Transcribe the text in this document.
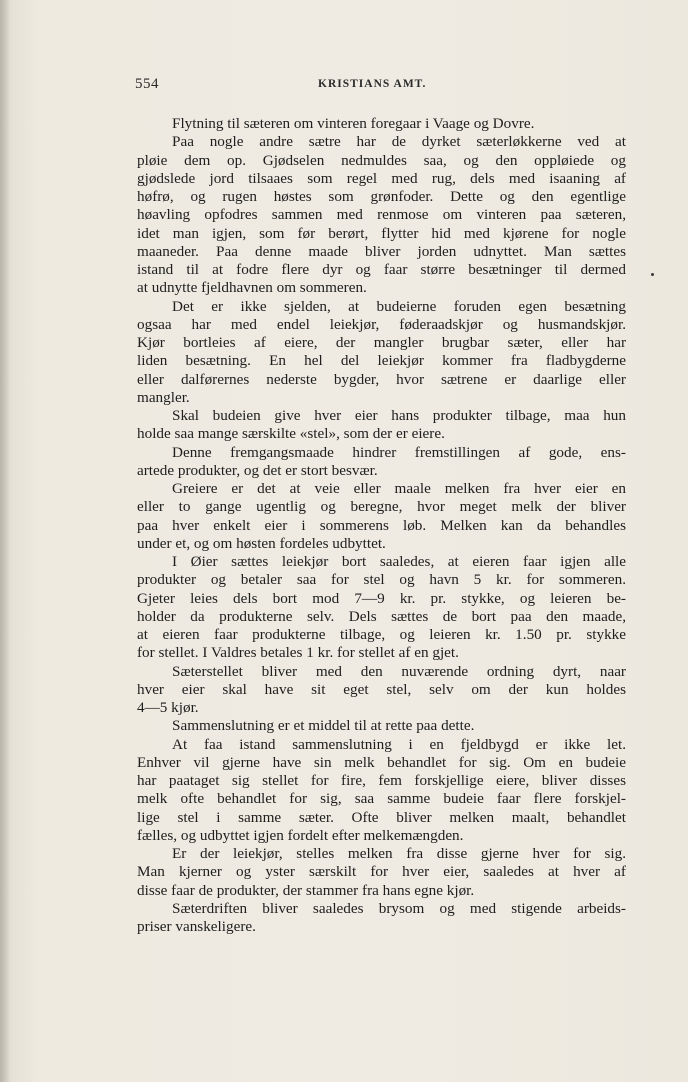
554	KRISTIANS AMT.
Flytning til sæteren om vinteren foregaar i Vaage og Dovre.
Paa nogle andre sætre har de dyrket sæterløkkerne ved at
pløie dem op. Gjødselen nedmuldes saa, og den oppløiede og
gjødslede jord tilsaaes som regel med rug, dels med isaaning af
høfrø, og rugen høstes som grønfoder. Dette og den egentlige
høavling opfodres sammen med renmose om vinteren paa sæteren,
idet man igjen, som før berørt, flytter hid med kjørene for nogle
maaneder. Paa denne maade bliver jorden udnyttet. Man sættes
istand til at fodre flere dyr og faar større besætninger til dermed
at udnytte fjeldhavnen om sommeren.
Det er ikke sjelden, at budeierne foruden egen besætning
ogsaa har med endel leiekjør, føderaadskjør og husmandskjør.
Kjør bortleies af eiere, der mangler brugbar sæter, eller har
liden besætning. En hel del leiekjør kommer fra fladbygderne
eller dalførernes nederste bygder, hvor sætrene er daarlige eller
mangler.
Skal budeien give hver eier hans produkter tilbage, maa hun
holde saa mange særskilte «stel», som der er eiere.
Denne fremgangsmaade hindrer fremstillingen af gode, ens-
artede produkter, og det er stort besvær.
Greiere er det at veie eller maale melken fra hver eier en
eller to gange ugentlig og beregne, hvor meget melk der bliver
paa hver enkelt eier i sommerens løb. Melken kan da behandles
under et, og om høsten fordeles udbyttet.
I Øier sættes leiekjør bort saaledes, at eieren faar igjen alle
produkter og betaler saa for stel og havn 5 kr. for sommeren.
Gjeter leies dels bort mod 7—9 kr. pr. stykke, og leieren be-
holder da produkterne selv. Dels sættes de bort paa den maade,
at eieren faar produkterne tilbage, og leieren kr. 1.50 pr. stykke
for stellet. I Valdres betales 1 kr. for stellet af en gjet.
Sæterstellet bliver med den nuværende ordning dyrt, naar
hver eier skal have sit eget stel, selv om der kun holdes
4—5 kjør.
Sammenslutning er et middel til at rette paa dette.
At faa istand sammenslutning i en fjeldbygd er ikke let.
Enhver vil gjerne have sin melk behandlet for sig. Om en budeie
har paataget sig stellet for fire, fem forskjellige eiere, bliver disses
melk ofte behandlet for sig, saa samme budeie faar flere forskjel-
lige stel i samme sæter. Ofte bliver melken maalt, behandlet
fælles, og udbyttet igjen fordelt efter melkemængden.
Er der leiekjør, stelles melken fra disse gjerne hver for sig.
Man kjerner og yster særskilt for hver eier, saaledes at hver af
disse faar de produkter, der stammer fra hans egne kjør.
Sæterdriften bliver saaledes brysom og med stigende arbeids-
priser vanskeligere.
